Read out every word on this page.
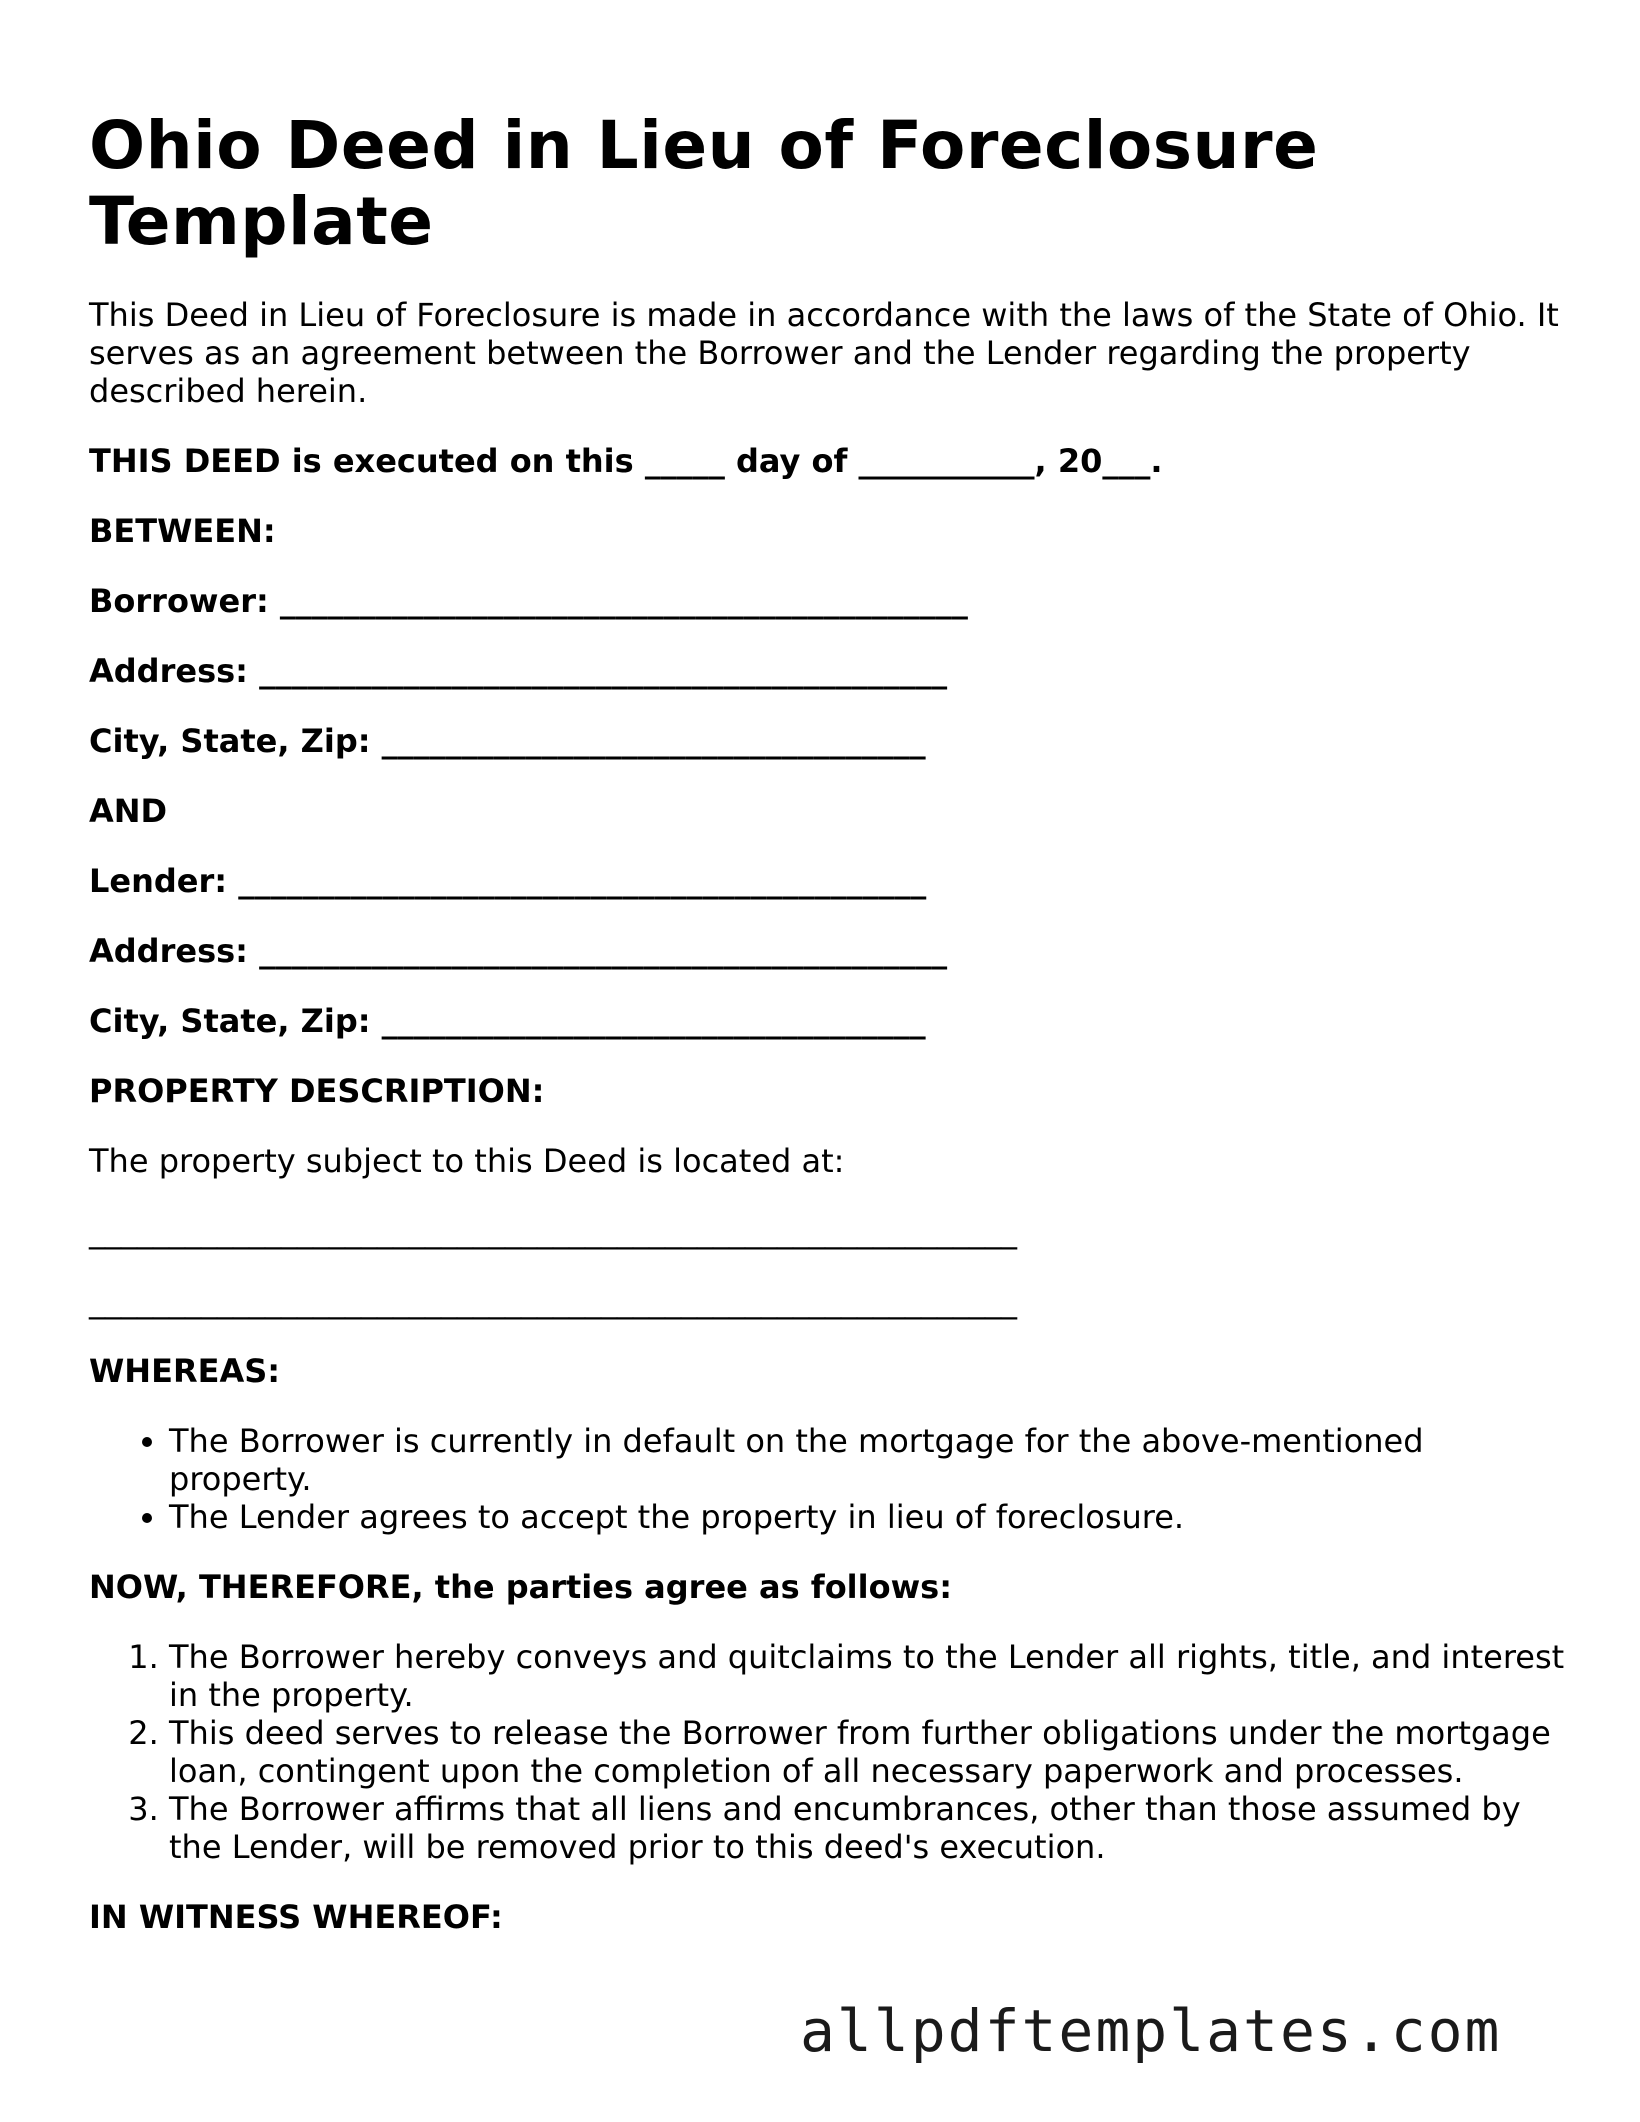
Ohio Deed in Lieu of Foreclosure Template

This Deed in Lieu of Foreclosure is made in accordance with the laws of the State of Ohio. It serves as an agreement between the Borrower and the Lender regarding the property described herein.

THIS DEED is executed on this _____ day of ___________, 20___.

BETWEEN:

Borrower: ___________________________________________

Address: ___________________________________________

City, State, Zip: __________________________________

AND

Lender: ___________________________________________

Address: ___________________________________________

City, State, Zip: __________________________________

PROPERTY DESCRIPTION:

The property subject to this Deed is located at:

__________________________________________________________

__________________________________________________________

WHEREAS:

• The Borrower is currently in default on the mortgage for the above-mentioned property.
• The Lender agrees to accept the property in lieu of foreclosure.

NOW, THEREFORE, the parties agree as follows:

1. The Borrower hereby conveys and quitclaims to the Lender all rights, title, and interest in the property.
2. This deed serves to release the Borrower from further obligations under the mortgage loan, contingent upon the completion of all necessary paperwork and processes.
3. The Borrower affirms that all liens and encumbrances, other than those assumed by the Lender, will be removed prior to this deed's execution.

IN WITNESS WHEREOF:

allpdftemplates.com
